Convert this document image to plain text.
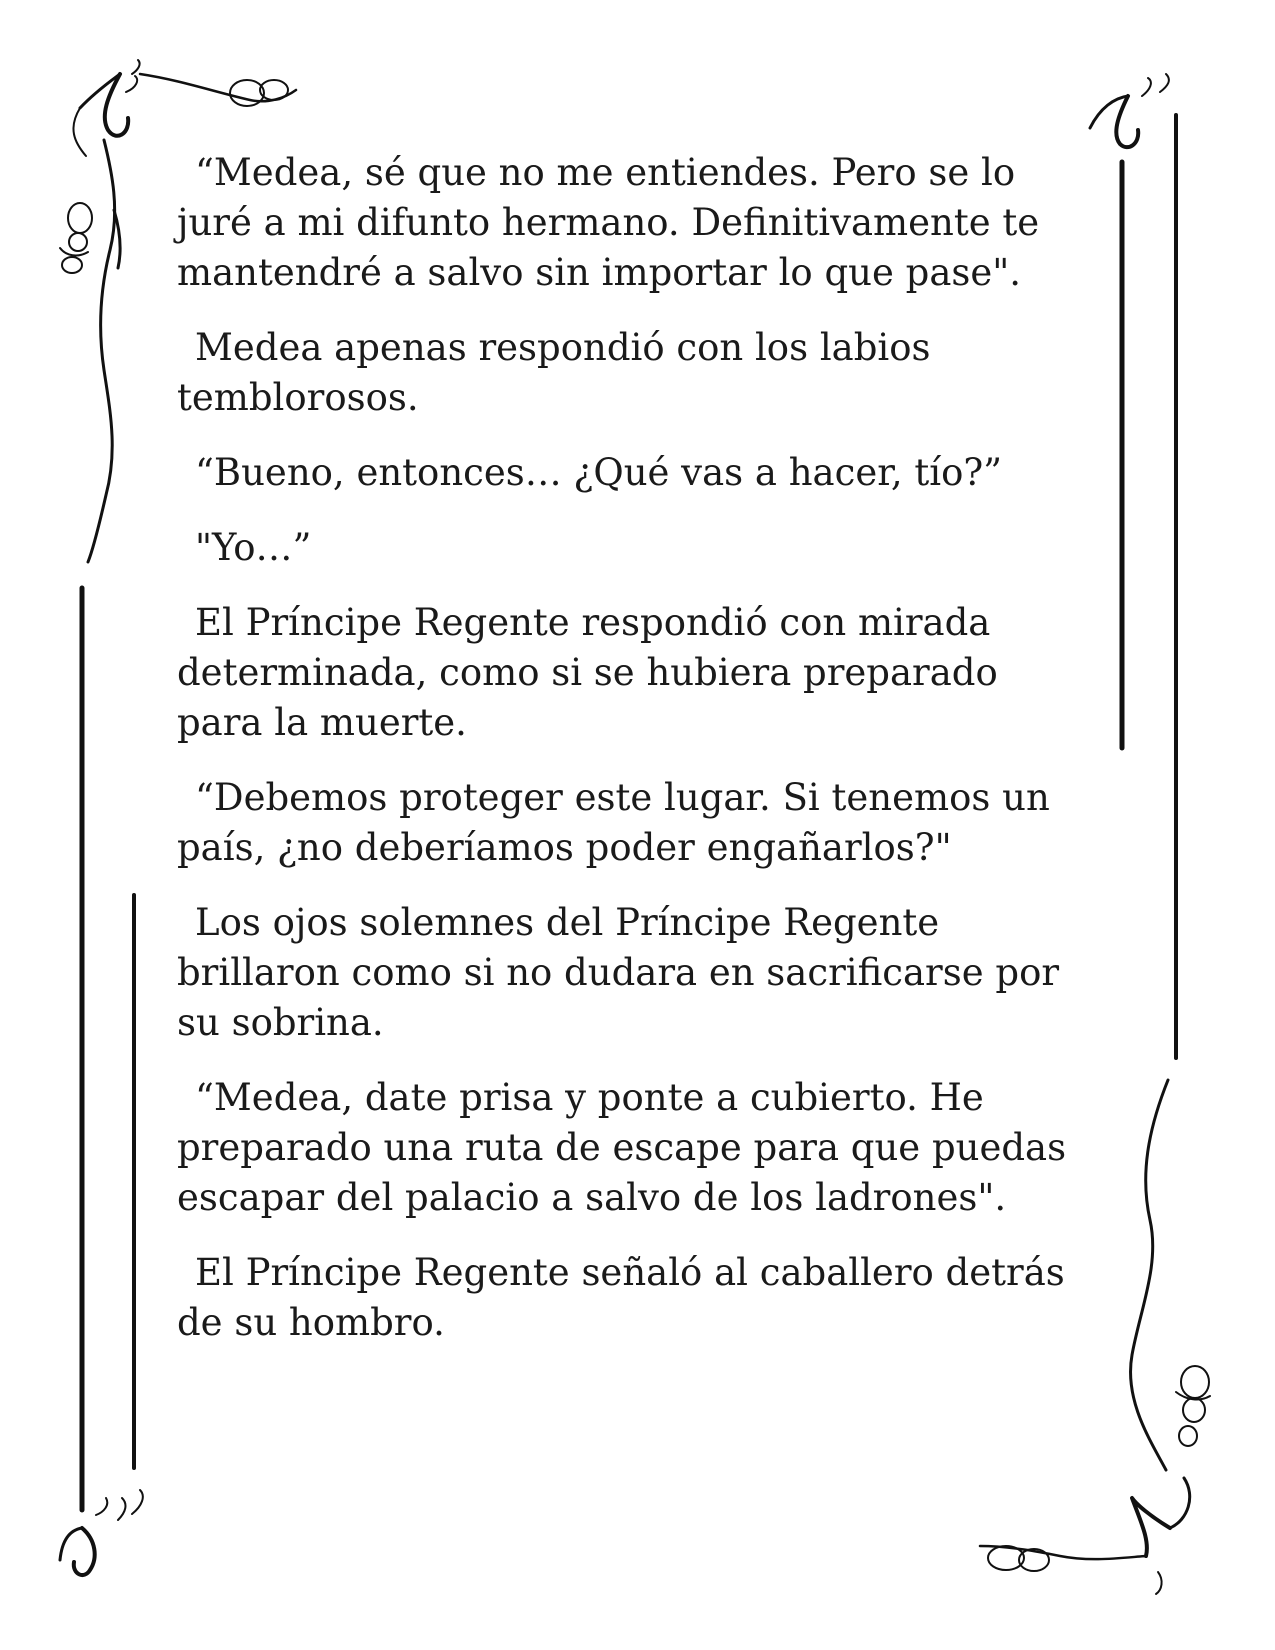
“Medea, sé que no me entiendes. Pero se lo juré a mi difunto hermano. Definitivamente te mantendré a salvo sin importar lo que pase".

Medea apenas respondió con los labios temblorosos.

“Bueno, entonces… ¿Qué vas a hacer, tío?”

"Yo…”

El Príncipe Regente respondió con mirada determinada, como si se hubiera preparado para la muerte.

“Debemos proteger este lugar. Si tenemos un país, ¿no deberíamos poder engañarlos?"

Los ojos solemnes del Príncipe Regente brillaron como si no dudara en sacrificarse por su sobrina.

“Medea, date prisa y ponte a cubierto. He preparado una ruta de escape para que puedas escapar del palacio a salvo de los ladrones".

El Príncipe Regente señaló al caballero detrás de su hombro.
